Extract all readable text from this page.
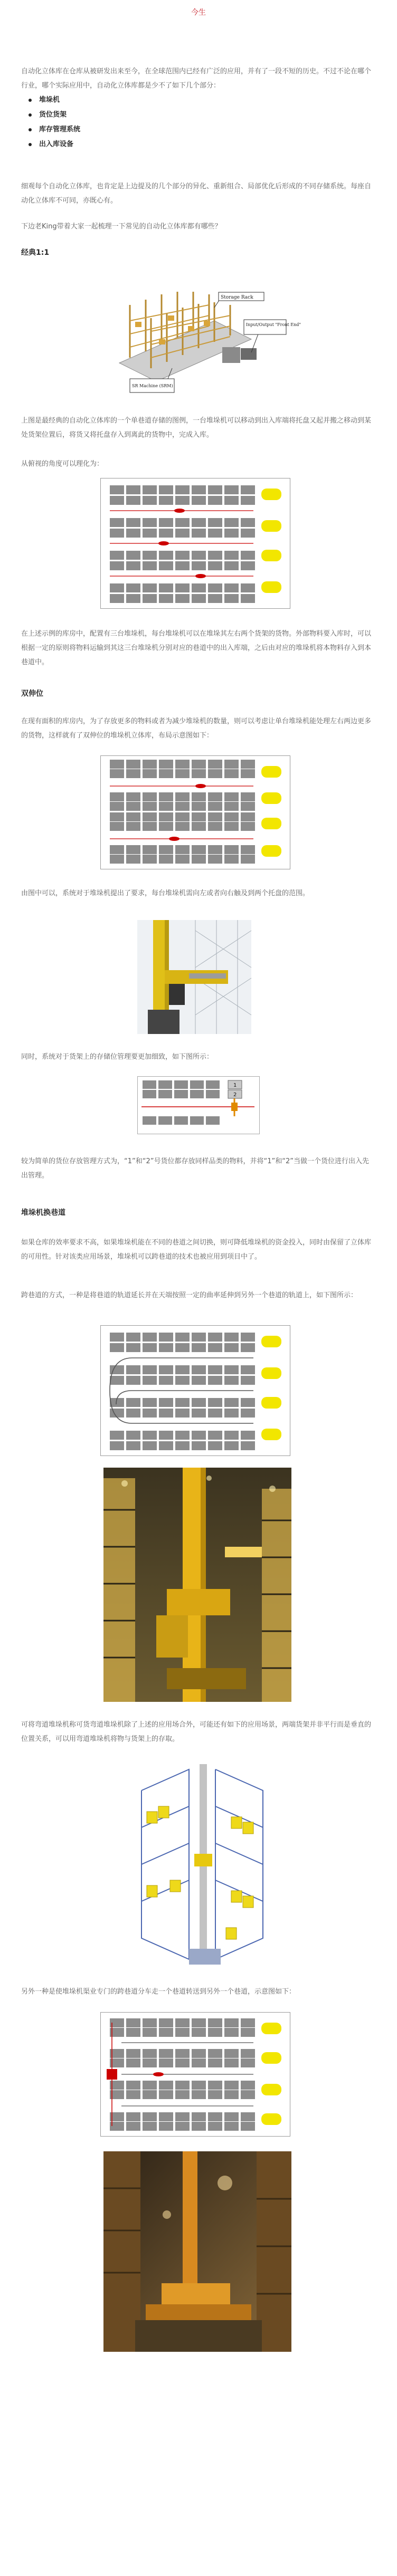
今生

自动化立体库在仓库从被研发出来至今，在全球范围内已经有广泛的应用，并有了一段不短的历史。不过不论在哪个行业，哪个实际应用中，自动化立体库都是少不了如下几个部分：

堆垛机
货位货架
库存管理系统
出入库设备

细观每个自动化立体库，也肯定是上边提及的几个部分的异化、重新组合、局部优化后形成的不同存储系统。每座自动化立体库不可同，亦既心有。

下边老King带着大家一起梳理一下常见的自动化立体库都有哪些？

经典1:1
Storage Rack
Input/Output "Front End"
SR Machine (SRM)

上图是最经典的自动化立体库的一个单巷道存储的图例，一台堆垛机可以移动到出入库端将托盘又起并搬之移动到某处货架位置后，将货又将托盘存入到离此的货物中，完成入库。

从俯视的角度可以理化为：

在上述示例的库房中，配置有三台堆垛机，每台堆垛机可以在堆垛其左右两个货架的货物。外部物料要入库时，可以根据一定的原则将物料运输到其这三台堆垛机分别对应的巷道中的出入库端，之后由对应的堆垛机将本物料存入到本巷道中。

双伸位

在现有面积的库房内，为了存放更多的物料或者为减少堆垛机的数量，则可以考虑让单台堆垛机能处理左右两边更多的货物，这样就有了双伸位的堆垛机立体库，布局示意图如下：

由图中可以，系统对于堆垛机提出了要求，每台堆垛机需向左或者向右触及到两个托盘的范围。

同时，系统对于货架上的存储位管理要更加细致，如下图所示：

1
2

较为简单的货位存放管理方式为，“1”和“2”号货位都存放同样品类的物料，并将“1”和“2”当做一个货位进行出入先出管理。

堆垛机换巷道

如果仓库的效率要求不高，如果堆垛机能在不同的巷道之间切换，则可降低堆垛机的资金投入，同时由保留了立体库的可用性。针对该类应用场景，堆垛机可以跨巷道的技术也被应用到项目中了。

跨巷道的方式，一种是将巷道的轨道延长并在天端按照一定的曲率延伸到另外一个巷道的轨道上，如下图所示：

可将弯道堆垛机称可货弯道堆垛机除了上述的应用场合外，可能还有如下的应用场景，两端货架并非平行而是垂直的位置关系，可以用弯道堆垛机将物与货架上的存取。

另外一种是使堆垛机渠业专门的跨巷道分车走一个巷道转送到另外一个巷道，示意图如下：
